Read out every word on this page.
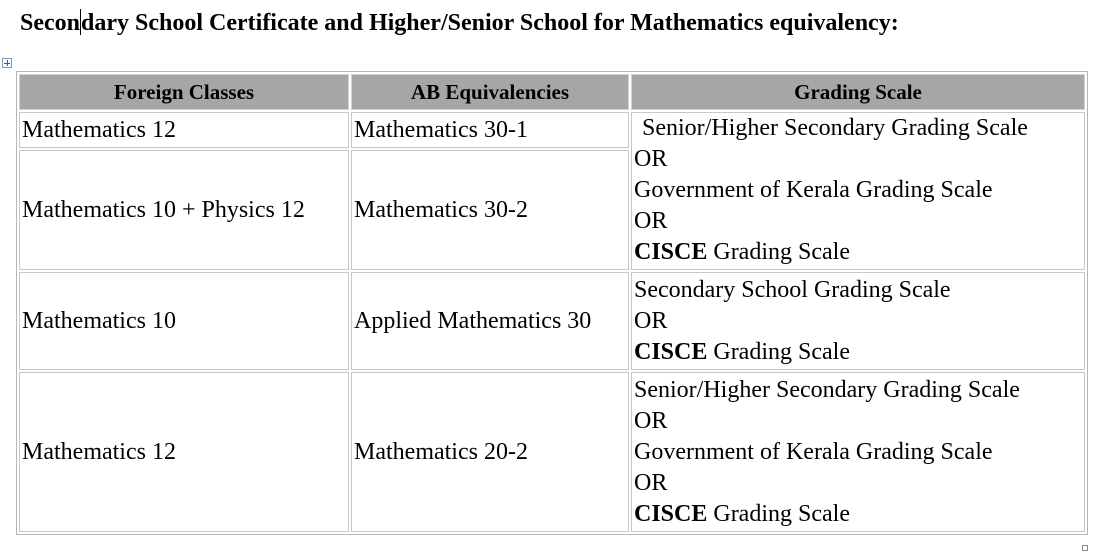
Secondary School Certificate and Higher/Senior School for Mathematics equivalency:
Foreign Classes	AB Equivalencies	Grading Scale
Mathematics 12	Mathematics 30-1	Senior/Higher Secondary Grading Scale
OR
Government of Kerala Grading Scale
OR
CISCE Grading Scale

Mathematics 10 + Physics 12	Mathematics 30-2	
Mathematics 10	Applied Mathematics 30	Secondary School Grading Scale
OR
CISCE Grading Scale

Mathematics 12	Mathematics 20-2	Senior/Higher Secondary Grading Scale
OR
Government of Kerala Grading Scale
OR
CISCE Grading Scale
